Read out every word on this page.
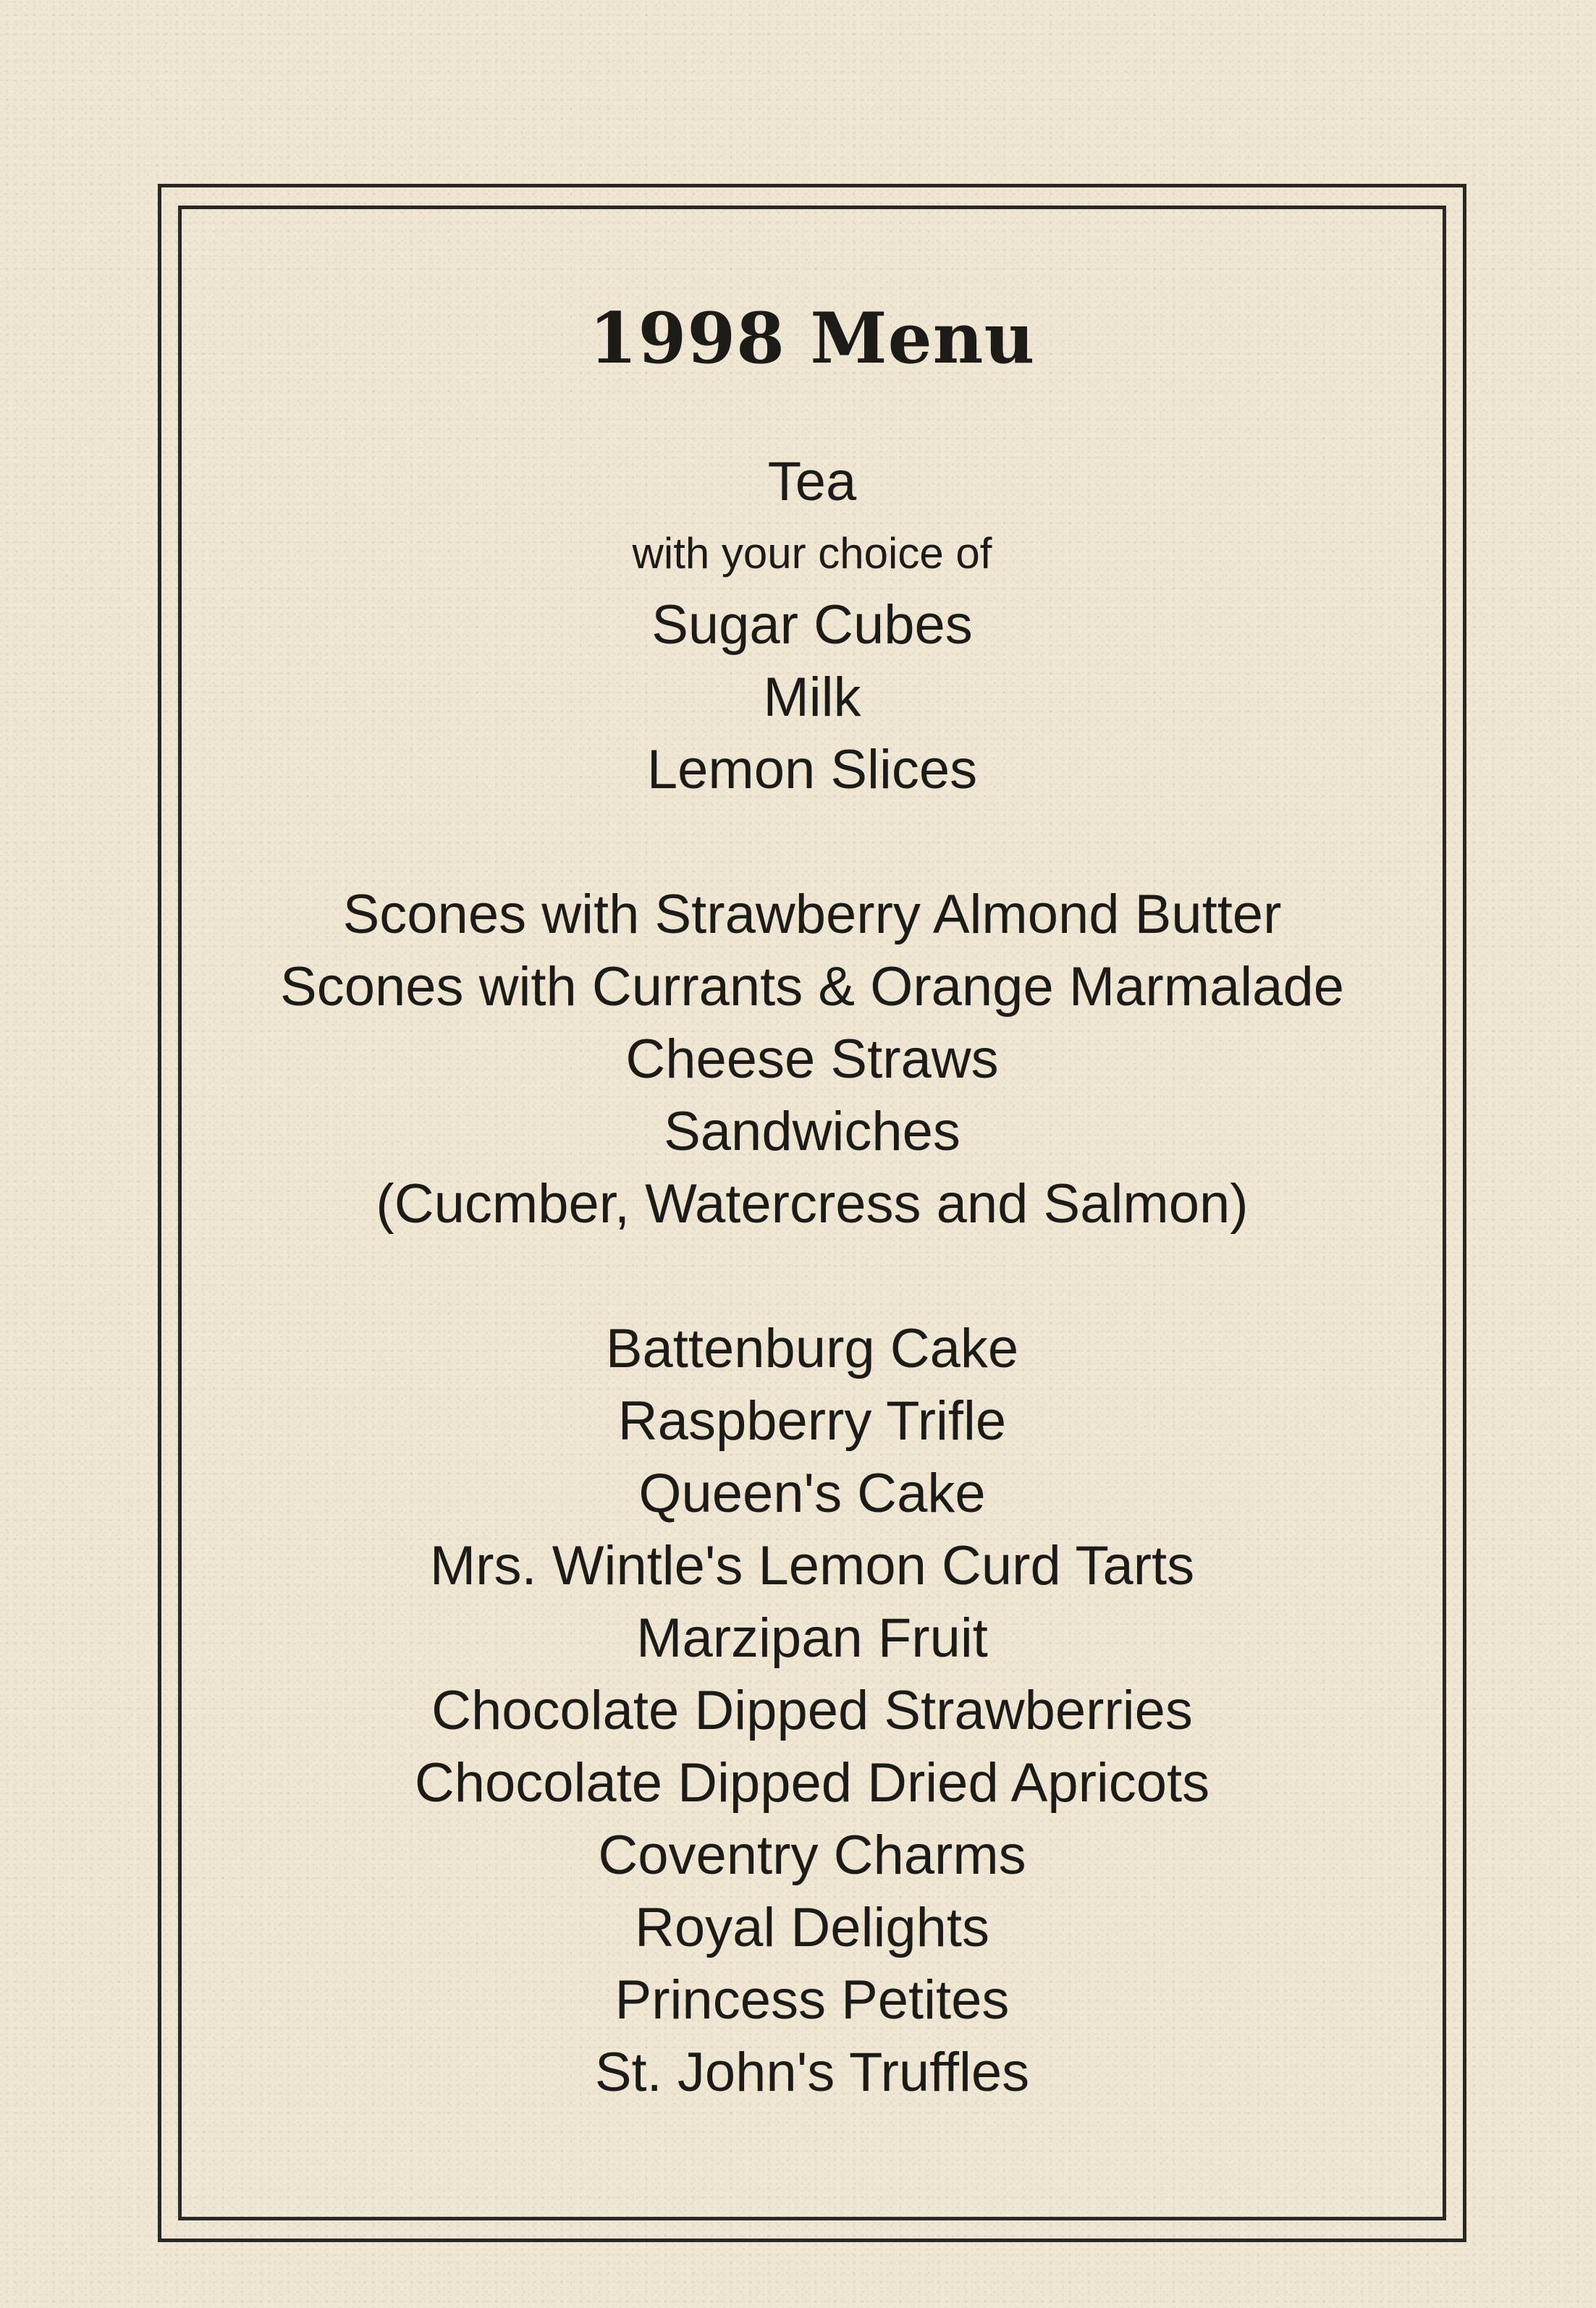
1998 Menu
Tea
with your choice of
Sugar Cubes
Milk
Lemon Slices
Scones with Strawberry Almond Butter
Scones with Currants & Orange Marmalade
Cheese Straws
Sandwiches
(Cucmber, Watercress and Salmon)
Battenburg Cake
Raspberry Trifle
Queen's Cake
Mrs. Wintle's Lemon Curd Tarts
Marzipan Fruit
Chocolate Dipped Strawberries
Chocolate Dipped Dried Apricots
Coventry Charms
Royal Delights
Princess Petites
St. John's Truffles
